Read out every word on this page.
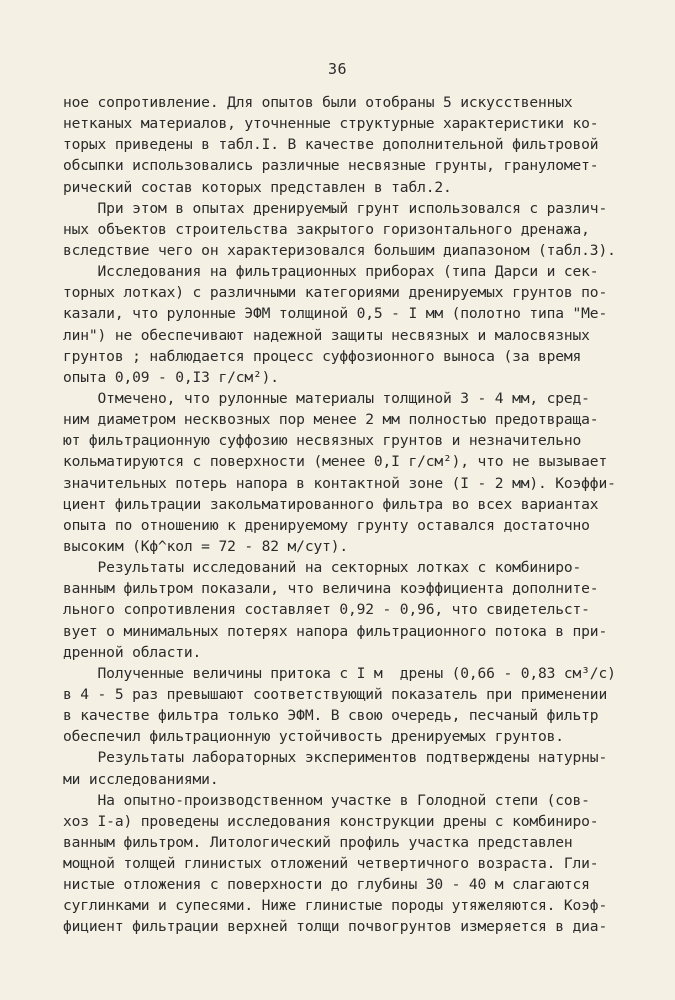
36
ное сопротивление. Для опытов были отобраны 5 искусственных
нетканых материалов, уточненные структурные характеристики ко-
торых приведены в табл.I. В качестве дополнительной фильтровой
обсыпки использовались различные несвязные грунты, грануломет-
рический состав которых представлен в табл.2.
При этом в опытах дренируемый грунт использовался с различ-
ных объектов строительства закрытого горизонтального дренажа,
вследствие чего он характеризовался большим диапазоном (табл.3).
Исследования на фильтрационных приборах (типа Дарси и сек-
торных лотках) с различными категориями дренируемых грунтов по-
казали, что рулонные ЭФМ толщиной 0,5 - I мм (полотно типа "Ме-
лин") не обеспечивают надежной защиты несвязных и малосвязных
грунтов ; наблюдается процесс суффозионного выноса (за время
опыта 0,09 - 0,I3 г/см²).
Отмечено, что рулонные материалы толщиной 3 - 4 мм, сред-
ним диаметром несквозных пор менее 2 мм полностью предотвраща-
ют фильтрационную суффозию несвязных грунтов и незначительно
кольматируются с поверхности (менее 0,I г/см²), что не вызывает
значительных потерь напора в контактной зоне (I - 2 мм). Коэффи-
циент фильтрации закольматированного фильтра во всех вариантах
опыта по отношению к дренируемому грунту оставался достаточно
высоким (Kф^кол = 72 - 82 м/сут).
Результаты исследований на секторных лотках с комбиниро-
ванным фильтром показали, что величина коэффициента дополните-
льного сопротивления составляет 0,92 - 0,96, что свидетельст-
вует о минимальных потерях напора фильтрационного потока в при-
дренной области.
Полученные величины притока с I м  дрены (0,66 - 0,83 см³/с)
в 4 - 5 раз превышают соответствующий показатель при применении
в качестве фильтра только ЭФМ. В свою очередь, песчаный фильтр
обеспечил фильтрационную устойчивость дренируемых грунтов.
Результаты лабораторных экспериментов подтверждены натурны-
ми исследованиями.
На опытно-производственном участке в Голодной степи (сов-
хоз I-а) проведены исследования конструкции дрены с комбиниро-
ванным фильтром. Литологический профиль участка представлен
мощной толщей глинистых отложений четвертичного возраста. Гли-
нистые отложения с поверхности до глубины 30 - 40 м слагаются
суглинками и супесями. Ниже глинистые породы утяжеляются. Коэф-
фициент фильтрации верхней толщи почвогрунтов измеряется в диа-
